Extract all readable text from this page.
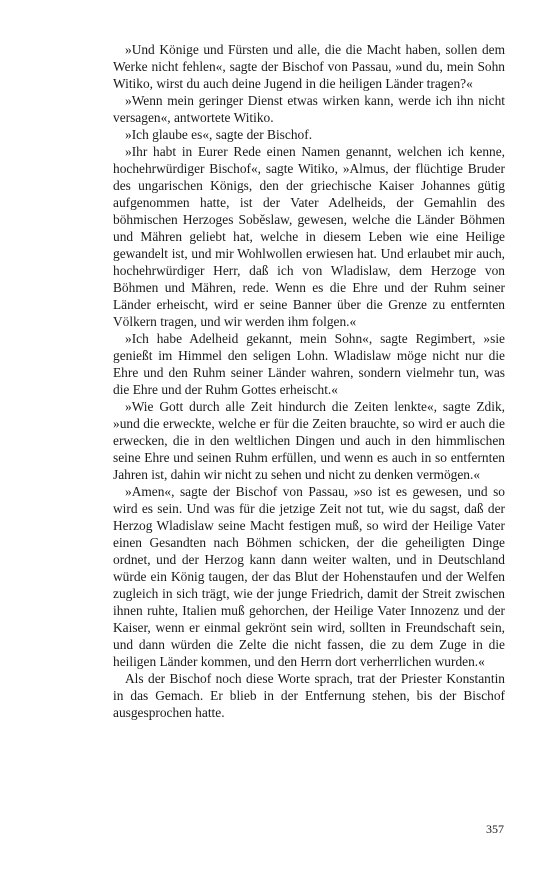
»Und Könige und Fürsten und alle, die die Macht haben, sollen dem Werke nicht fehlen«, sagte der Bischof von Passau, »und du, mein Sohn Witiko, wirst du auch deine Jugend in die heiligen Länder tragen?«

»Wenn mein geringer Dienst etwas wirken kann, werde ich ihn nicht versagen«, antwortete Witiko.

»Ich glaube es«, sagte der Bischof.

»Ihr habt in Eurer Rede einen Namen genannt, welchen ich kenne, hochehrwürdiger Bischof«, sagte Witiko, »Almus, der flüchtige Bruder des ungarischen Königs, den der griechische Kaiser Johannes gütig aufgenommen hatte, ist der Vater Adelheids, der Gemahlin des böhmischen Herzoges Soběslaw, gewesen, welche die Länder Böhmen und Mähren geliebt hat, welche in diesem Leben wie eine Heilige gewandelt ist, und mir Wohlwollen erwiesen hat. Und erlaubet mir auch, hochehrwürdiger Herr, daß ich von Wladislaw, dem Herzoge von Böhmen und Mähren, rede. Wenn es die Ehre und der Ruhm seiner Länder erheischt, wird er seine Banner über die Grenze zu entfernten Völkern tragen, und wir werden ihm folgen.«

»Ich habe Adelheid gekannt, mein Sohn«, sagte Regimbert, »sie genießt im Himmel den seligen Lohn. Wladislaw möge nicht nur die Ehre und den Ruhm seiner Länder wahren, sondern vielmehr tun, was die Ehre und der Ruhm Gottes erheischt.«

»Wie Gott durch alle Zeit hindurch die Zeiten lenkte«, sagte Zdik, »und die erweckte, welche er für die Zeiten brauchte, so wird er auch die erwecken, die in den weltlichen Dingen und auch in den himmlischen seine Ehre und seinen Ruhm erfüllen, und wenn es auch in so entfernten Jahren ist, dahin wir nicht zu sehen und nicht zu denken vermögen.«

»Amen«, sagte der Bischof von Passau, »so ist es gewesen, und so wird es sein. Und was für die jetzige Zeit not tut, wie du sagst, daß der Herzog Wladislaw seine Macht festigen muß, so wird der Heilige Vater einen Gesandten nach Böhmen schicken, der die geheiligten Dinge ordnet, und der Herzog kann dann weiter walten, und in Deutschland würde ein König taugen, der das Blut der Hohenstaufen und der Welfen zugleich in sich trägt, wie der junge Friedrich, damit der Streit zwischen ihnen ruhte, Italien muß gehorchen, der Heilige Vater Innozenz und der Kaiser, wenn er einmal gekrönt sein wird, sollten in Freundschaft sein, und dann würden die Zelte die nicht fassen, die zu dem Zuge in die heiligen Länder kommen, und den Herrn dort verherrlichen wurden.«

Als der Bischof noch diese Worte sprach, trat der Priester Konstantin in das Gemach. Er blieb in der Entfernung stehen, bis der Bischof ausgesprochen hatte.

357
